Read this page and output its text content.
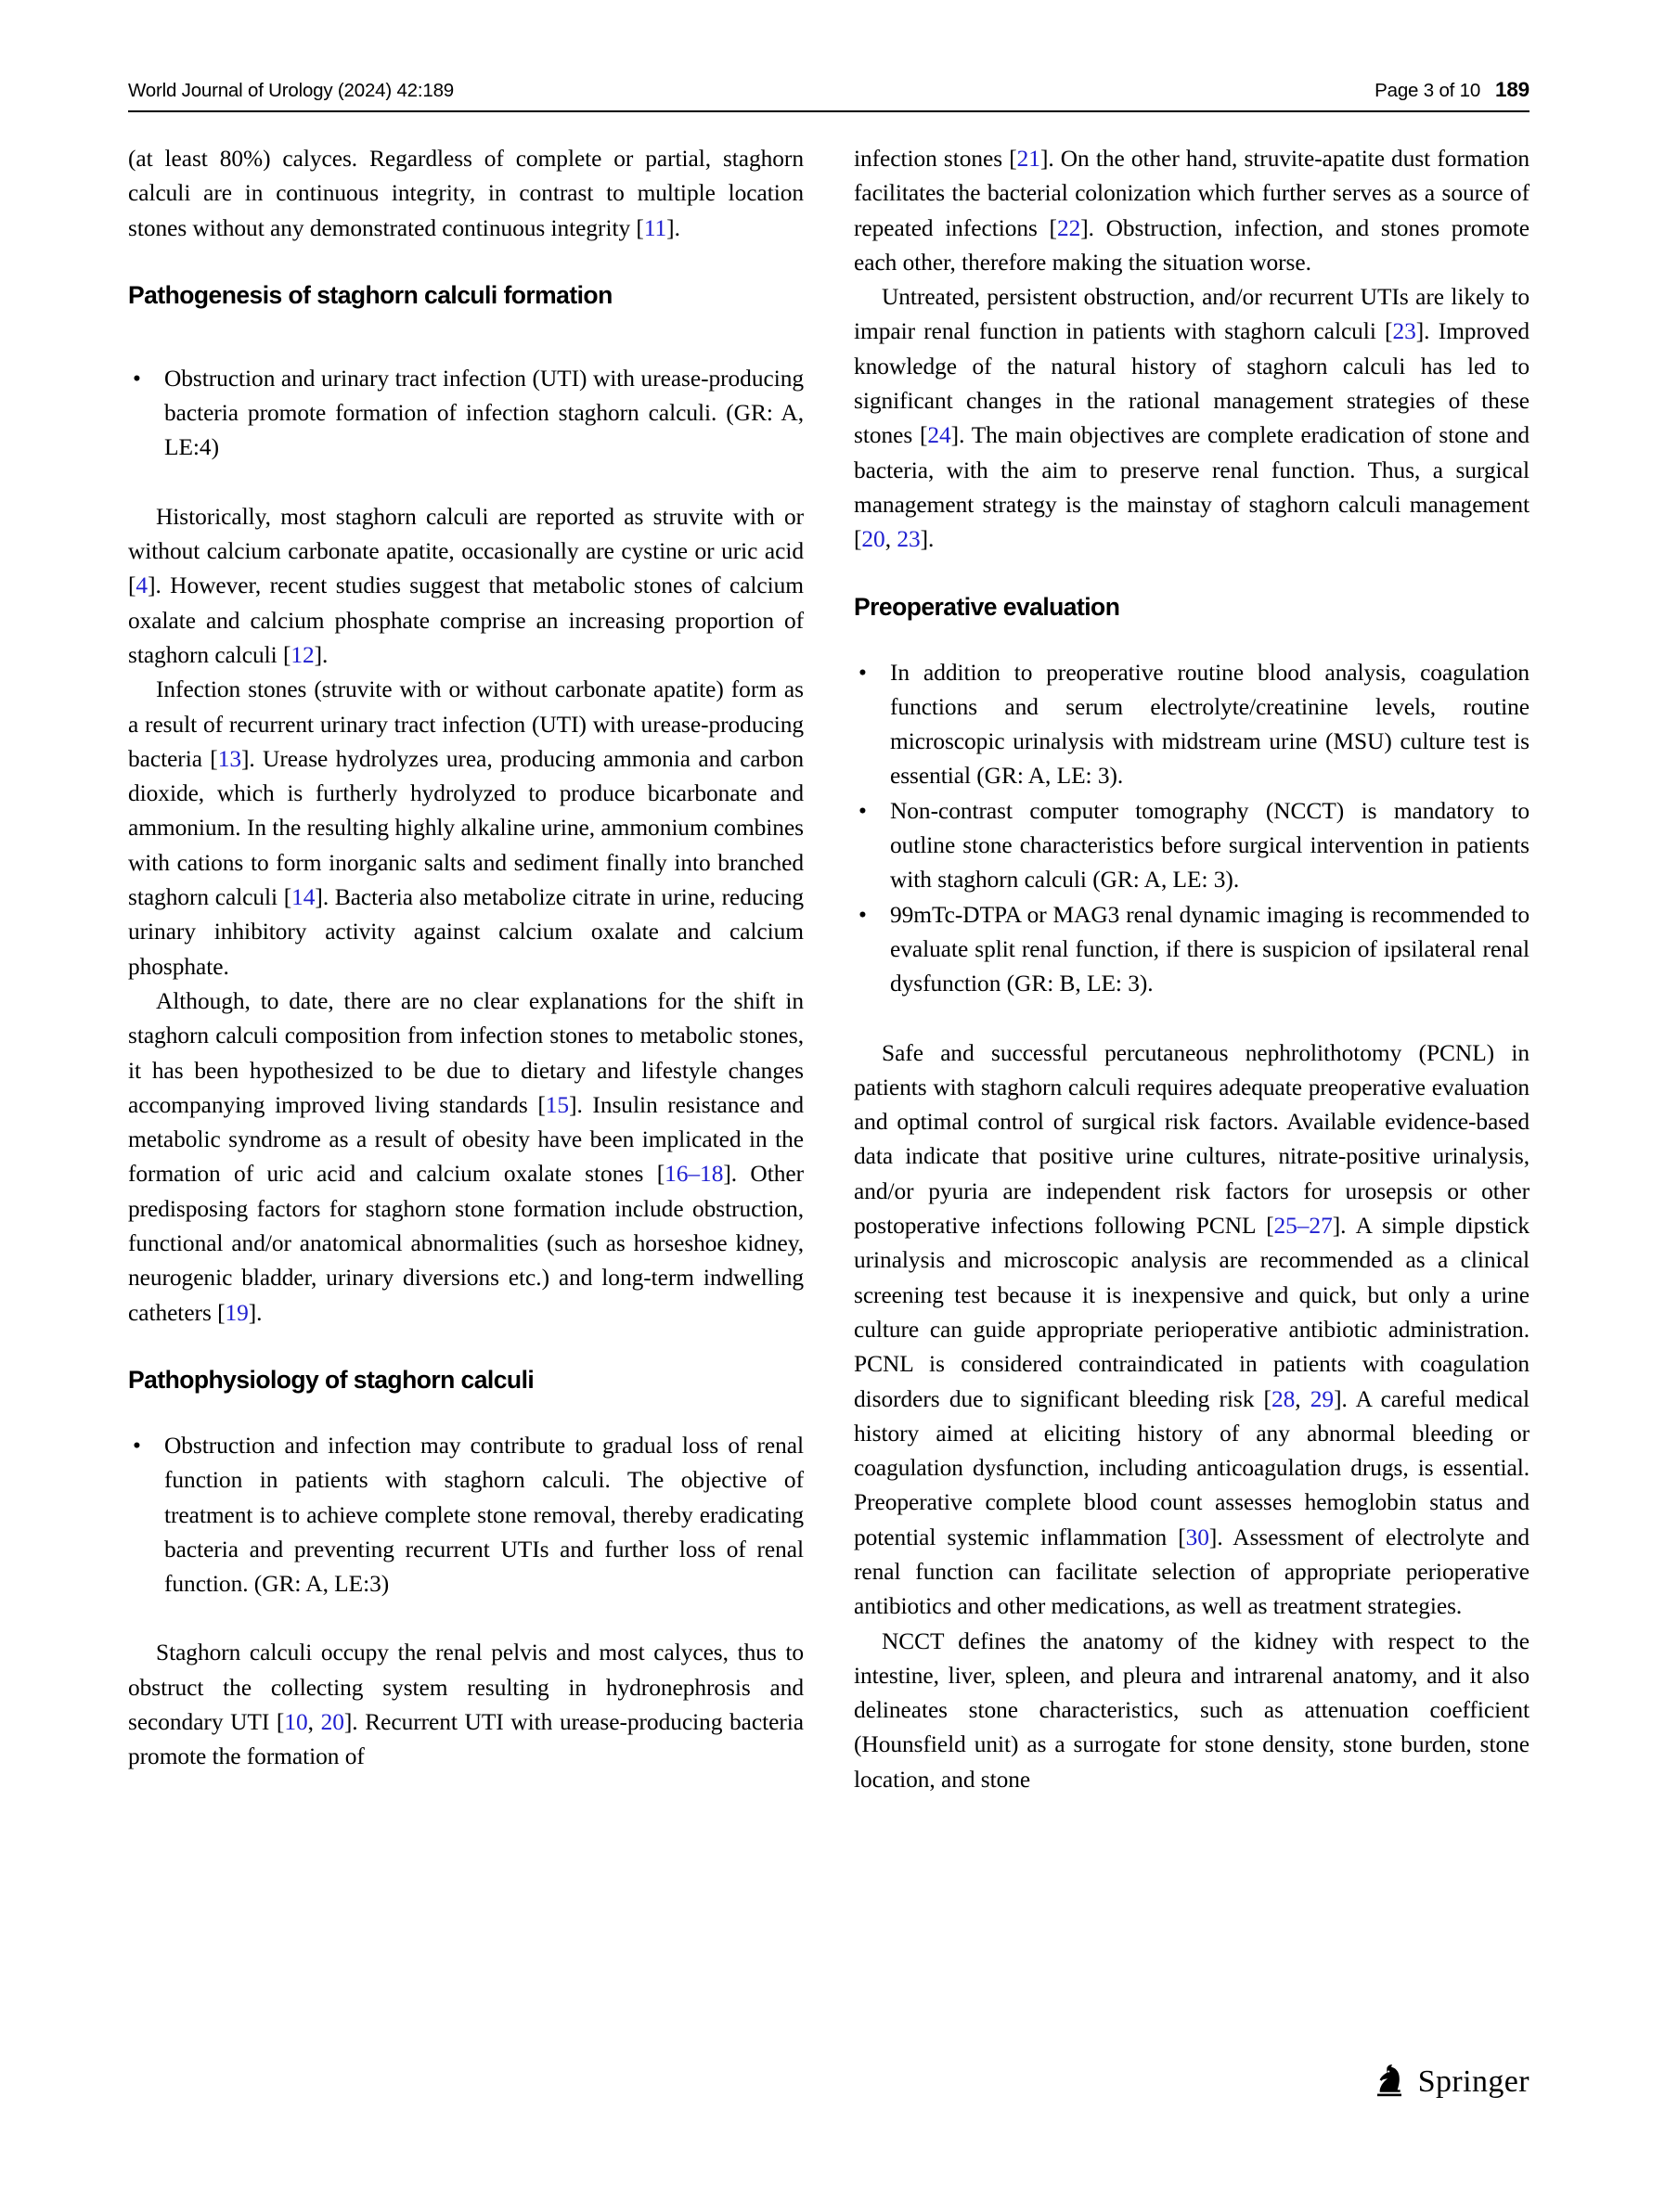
World Journal of Urology (2024) 42:189	Page 3 of 10 189

(at least 80%) calyces. Regardless of complete or partial, staghorn calculi are in continuous integrity, in contrast to multiple location stones without any demonstrated continuous integrity [11].

Pathogenesis of staghorn calculi formation
• Obstruction and urinary tract infection (UTI) with urease-producing bacteria promote formation of infection staghorn calculi. (GR: A, LE:4)

Historically, most staghorn calculi are reported as struvite with or without calcium carbonate apatite, occasionally are cystine or uric acid [4]. However, recent studies suggest that metabolic stones of calcium oxalate and calcium phosphate comprise an increasing proportion of staghorn calculi [12].

Infection stones (struvite with or without carbonate apatite) form as a result of recurrent urinary tract infection (UTI) with urease-producing bacteria [13]. Urease hydrolyzes urea, producing ammonia and carbon dioxide, which is furtherly hydrolyzed to produce bicarbonate and ammonium. In the resulting highly alkaline urine, ammonium combines with cations to form inorganic salts and sediment finally into branched staghorn calculi [14]. Bacteria also metabolize citrate in urine, reducing urinary inhibitory activity against calcium oxalate and calcium phosphate.

Although, to date, there are no clear explanations for the shift in staghorn calculi composition from infection stones to metabolic stones, it has been hypothesized to be due to dietary and lifestyle changes accompanying improved living standards [15]. Insulin resistance and metabolic syndrome as a result of obesity have been implicated in the formation of uric acid and calcium oxalate stones [16–18]. Other predisposing factors for staghorn stone formation include obstruction, functional and/or anatomical abnormalities (such as horseshoe kidney, neurogenic bladder, urinary diversions etc.) and long-term indwelling catheters [19].

Pathophysiology of staghorn calculi
• Obstruction and infection may contribute to gradual loss of renal function in patients with staghorn calculi. The objective of treatment is to achieve complete stone removal, thereby eradicating bacteria and preventing recurrent UTIs and further loss of renal function. (GR: A, LE:3)

Staghorn calculi occupy the renal pelvis and most calyces, thus to obstruct the collecting system resulting in hydronephrosis and secondary UTI [10, 20]. Recurrent UTI with urease-producing bacteria promote the formation of

infection stones [21]. On the other hand, struvite-apatite dust formation facilitates the bacterial colonization which further serves as a source of repeated infections [22]. Obstruction, infection, and stones promote each other, therefore making the situation worse.

Untreated, persistent obstruction, and/or recurrent UTIs are likely to impair renal function in patients with staghorn calculi [23]. Improved knowledge of the natural history of staghorn calculi has led to significant changes in the rational management strategies of these stones [24]. The main objectives are complete eradication of stone and bacteria, with the aim to preserve renal function. Thus, a surgical management strategy is the mainstay of staghorn calculi management [20, 23].

Preoperative evaluation
• In addition to preoperative routine blood analysis, coagulation functions and serum electrolyte/creatinine levels, routine microscopic urinalysis with midstream urine (MSU) culture test is essential (GR: A, LE: 3).
• Non-contrast computer tomography (NCCT) is mandatory to outline stone characteristics before surgical intervention in patients with staghorn calculi (GR: A, LE: 3).
• 99mTc-DTPA or MAG3 renal dynamic imaging is recommended to evaluate split renal function, if there is suspicion of ipsilateral renal dysfunction (GR: B, LE: 3).

Safe and successful percutaneous nephrolithotomy (PCNL) in patients with staghorn calculi requires adequate preoperative evaluation and optimal control of surgical risk factors. Available evidence-based data indicate that positive urine cultures, nitrate-positive urinalysis, and/or pyuria are independent risk factors for urosepsis or other postoperative infections following PCNL [25–27]. A simple dipstick urinalysis and microscopic analysis are recommended as a clinical screening test because it is inexpensive and quick, but only a urine culture can guide appropriate perioperative antibiotic administration. PCNL is considered contraindicated in patients with coagulation disorders due to significant bleeding risk [28, 29]. A careful medical history aimed at eliciting history of any abnormal bleeding or coagulation dysfunction, including anticoagulation drugs, is essential. Preoperative complete blood count assesses hemoglobin status and potential systemic inflammation [30]. Assessment of electrolyte and renal function can facilitate selection of appropriate perioperative antibiotics and other medications, as well as treatment strategies.

NCCT defines the anatomy of the kidney with respect to the intestine, liver, spleen, and pleura and intrarenal anatomy, and it also delineates stone characteristics, such as attenuation coefficient (Hounsfield unit) as a surrogate for stone density, stone burden, stone location, and stone

Springer
